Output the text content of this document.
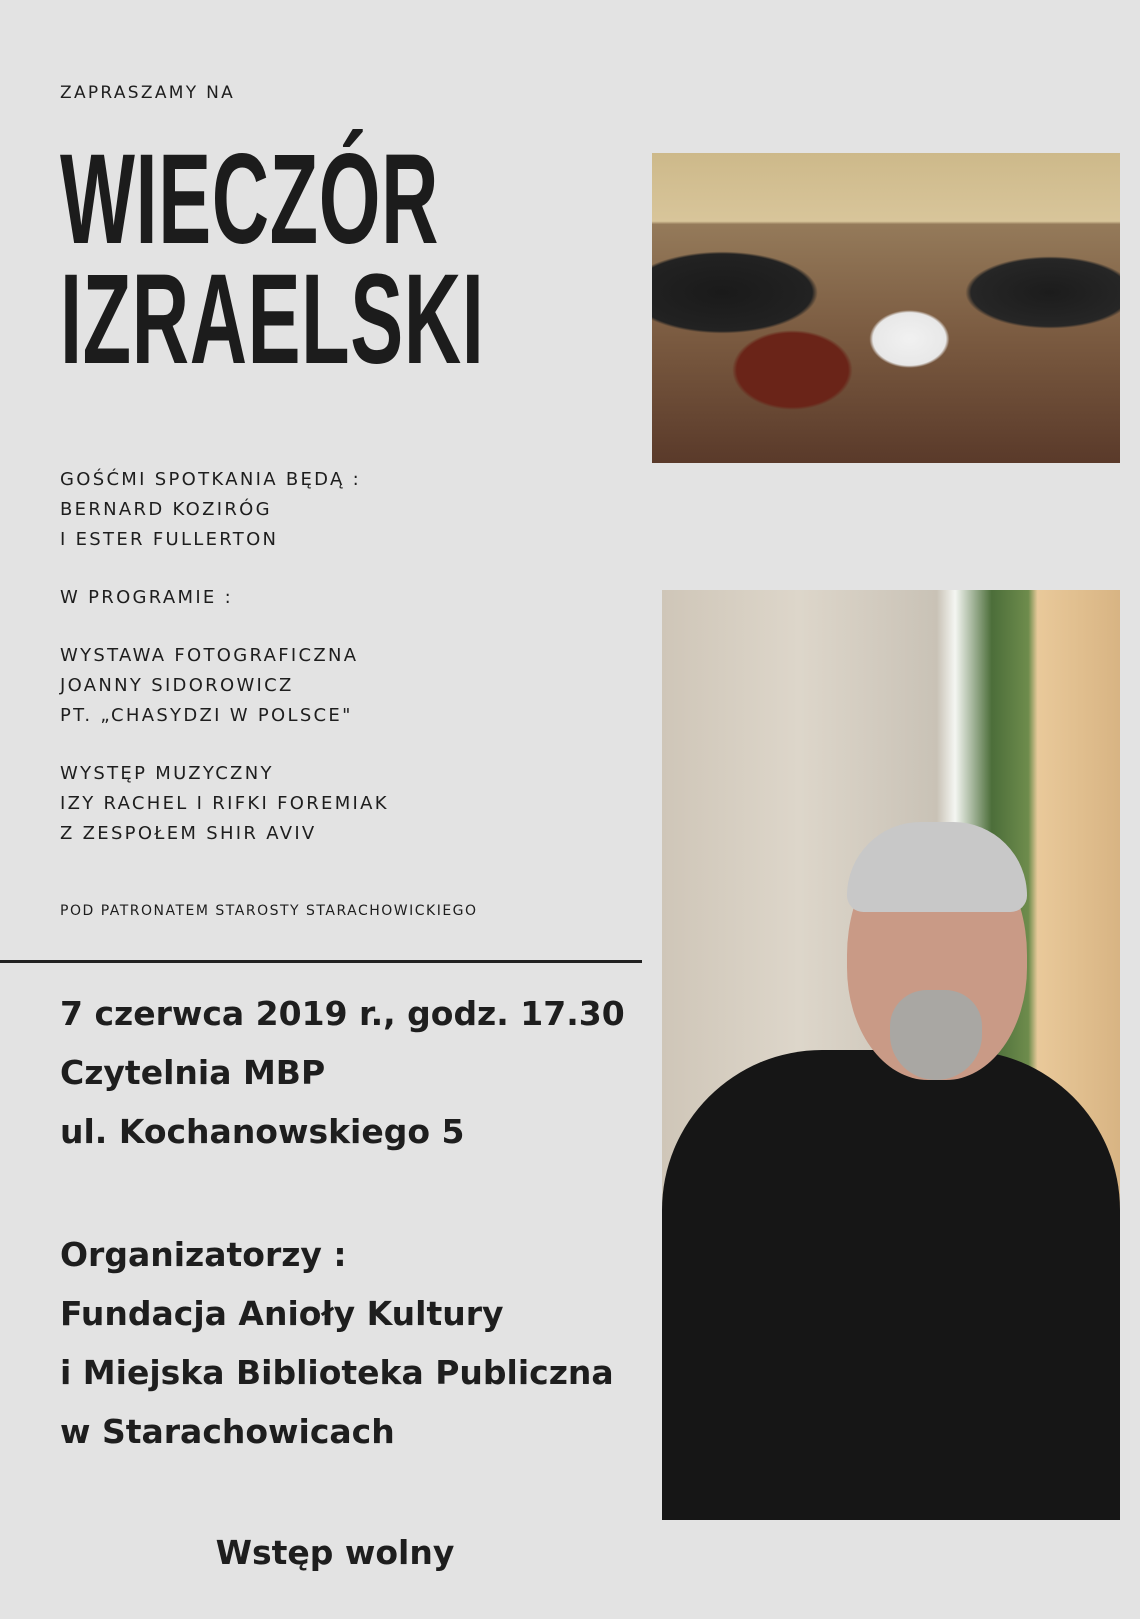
ZAPRASZAMY NA

WIECZÓR
IZRAELSKI
GOŚĆMI SPOTKANIA BĘDĄ :
BERNARD KOZIRÓG
I ESTER FULLERTON
W PROGRAMIE :
WYSTAWA FOTOGRAFICZNA
JOANNY SIDOROWICZ
PT. „CHASYDZI W POLSCE"
WYSTĘP MUZYCZNY
IZY RACHEL I RIFKI FOREMIAK
Z ZESPOŁEM SHIR AVIV
POD PATRONATEM STAROSTY STARACHOWICKIEGO
7 czerwca 2019 r., godz. 17.30
Czytelnia MBP
ul. Kochanowskiego 5
Organizatorzy :
Fundacja Anioły Kultury
i Miejska Biblioteka Publiczna
w Starachowicach
Wstęp wolny
